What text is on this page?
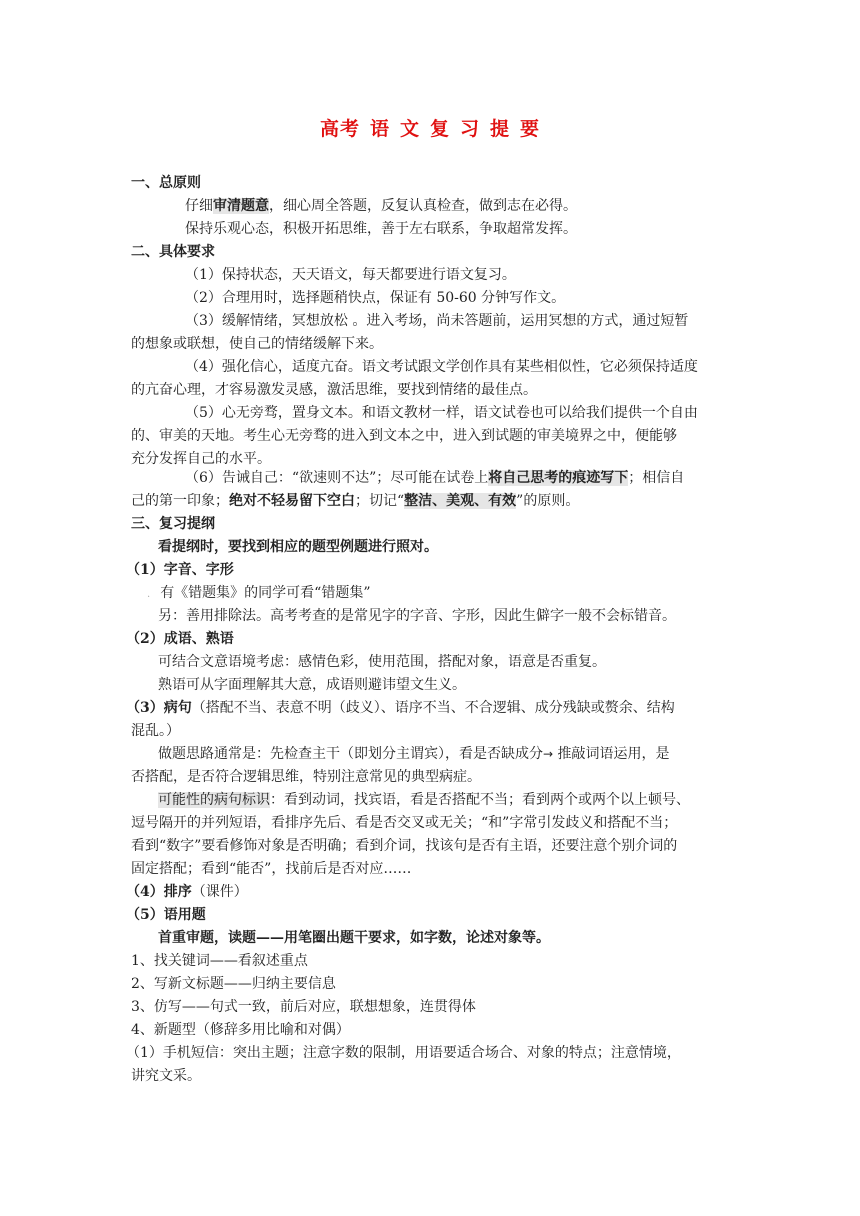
高考 语 文 复 习 提 要
一、总原则
仔细审清题意，细心周全答题，反复认真检查，做到志在必得。
保持乐观心态，积极开拓思维，善于左右联系，争取超常发挥。
二、具体要求
（1）保持状态，天天语文，每天都要进行语文复习。
（2）合理用时，选择题稍快点，保证有 50-60 分钟写作文。
（3）缓解情绪，冥想放松 。进入考场，尚未答题前，运用冥想的方式，通过短暂
的想象或联想，使自己的情绪缓解下来。
（4）强化信心，适度亢奋。语文考试跟文学创作具有某些相似性，它必须保持适度
的亢奋心理，才容易激发灵感，激活思维，要找到情绪的最佳点。
（5）心无旁骛，置身文本。和语文教材一样，语文试卷也可以给我们提供一个自由
的、审美的天地。考生心无旁骛的进入到文本之中，进入到试题的审美境界之中，便能够
充分发挥自己的水平。
（6）告诫自己：“欲速则不达”；尽可能在试卷上将自己思考的痕迹写下；相信自
己的第一印象；绝对不轻易留下空白；切记“整洁、美观、有效”的原则。
三、复习提纲
看提纲时，要找到相应的题型例题进行照对。
（1）字音、字形
. 有《错题集》的同学可看“错题集”
另：善用排除法。高考考查的是常见字的字音、字形，因此生僻字一般不会标错音。
（2）成语、熟语
可结合文意语境考虑：感情色彩，使用范围，搭配对象，语意是否重复。
熟语可从字面理解其大意，成语则避讳望文生义。
（3）病句（搭配不当、表意不明（歧义）、语序不当、不合逻辑、成分残缺或赘余、结构
混乱。）
做题思路通常是：先检查主干（即划分主谓宾），看是否缺成分→ 推敲词语运用，是
否搭配，是否符合逻辑思维，特别注意常见的典型病症。
可能性的病句标识：看到动词，找宾语，看是否搭配不当；看到两个或两个以上顿号、
逗号隔开的并列短语，看排序先后、看是否交叉或无关；“和”字常引发歧义和搭配不当；
看到“数字”要看修饰对象是否明确；看到介词，找该句是否有主语，还要注意个别介词的
固定搭配；看到“能否”，找前后是否对应……
（4）排序（课件）
（5）语用题
首重审题，读题——用笔圈出题干要求，如字数，论述对象等。
1、找关键词——看叙述重点
2、写新文标题——归纳主要信息
3、仿写——句式一致，前后对应，联想想象，连贯得体
4、新题型（修辞多用比喻和对偶）
（1）手机短信：突出主题；注意字数的限制，用语要适合场合、对象的特点；注意情境，
讲究文采。
